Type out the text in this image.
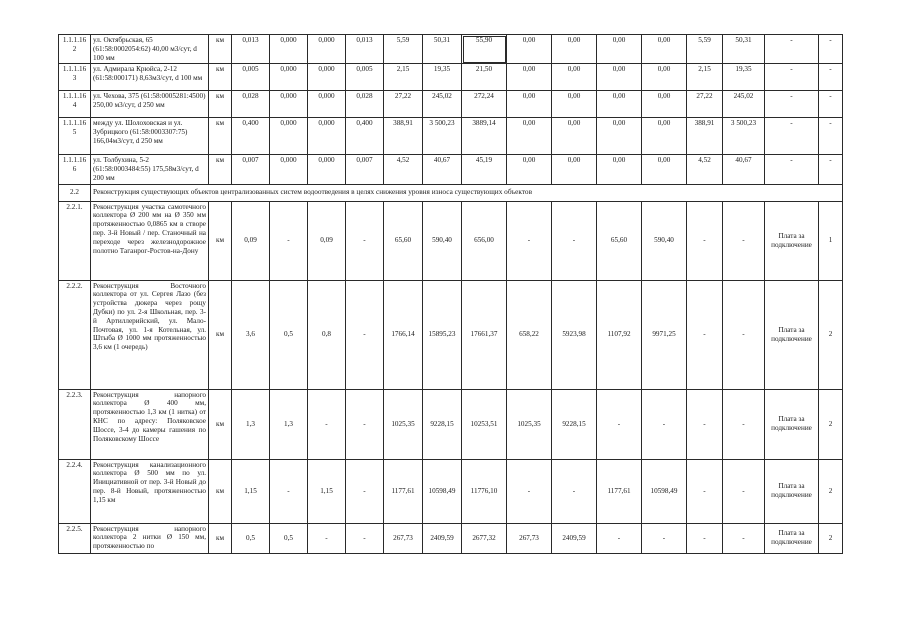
1.1.1.16 2	ул. Октябрьская, 65 (61:58:0002054:62) 40,00 м3/сут, d 100 мм	км	0,013	0,000	0,000	0,013	5,59	50,31	55,90	0,00	0,00	0,00	0,00	5,59	50,31	-	-
1.1.1.16 3	ул. Адмирала Крюйса, 2-12 (61:58:000171) 8,63м3/сут, d 100 мм	км	0,005	0,000	0,000	0,005	2,15	19,35	21,50	0,00	0,00	0,00	0,00	2,15	19,35	-	-
1.1.1.16 4	ул. Чехова, 375 (61:58:0005281:4500) 250,00 м3/сут, d 250 мм	км	0,028	0,000	0,000	0,028	27,22	245,02	272,24	0,00	0,00	0,00	0,00	27,22	245,02	-	-
1.1.1.16 5	между ул. Шолоховская и ул. Зубрицкого (61:58:0003307:75) 166,04м3/сут, d 250 мм	км	0,400	0,000	0,000	0,400	388,91	3 500,23	3889,14	0,00	0,00	0,00	0,00	388,91	3 500,23	-	-
1.1.1.16 6	ул. Толбухина, 5-2 (61:58:0003484:55) 175,58м3/сут, d 200 мм	км	0,007	0,000	0,000	0,007	4,52	40,67	45,19	0,00	0,00	0,00	0,00	4,52	40,67	-	-
2.2	Реконструкция существующих объектов централизованных систем водоотведения в целях снижения уровня износа существующих объектов																
2.2.1.	Реконструкция участка самотечного коллектора Ø 200 мм на Ø 350 мм протяженностью 0,0865 км в створе пер. 3-й Новый / пер. Станочный на переходе через железнодорожное полотно Таганрог-Ростов-на-Дону	км	0,09	-	0,09	-	65,60	590,40	656,00	-	-	65,60	590,40	-	-	Плата за подключение	1
2.2.2.	Реконструкция Восточного коллектора от ул. Сергея Лазо (без устройства дюкера через рощу Дубки) по ул. 2-я Школьная, пер. 3-й Артиллерийский, ул. Мало-Почтовая, ул. 1-я Котельная, ул. Штыба Ø 1000 мм протяженностью 3,6 км (1 очередь)	км	3,6	0,5	0,8	-	1766,14	15895,23	17661,37	658,22	5923,98	1107,92	9971,25	-	-	Плата за подключение	2
2.2.3.	Реконструкция напорного коллектора Ø 400 мм, протяженностью 1,3 км (1 нитка) от КНС по адресу: Поляковское Шоссе, 3-4 до камеры гашения по Поляковскому Шоссе	км	1,3	1,3	-	-	1025,35	9228,15	10253,51	1025,35	9228,15	-	-	-	-	Плата за подключение	2
2.2.4.	Реконструкция канализационного коллектора Ø 500 мм по ул. Инициативной от пер. 3-й Новый до пер. 8-й Новый, протяженностью 1,15 км	км	1,15	-	1,15	-	1177,61	10598,49	11776,10	-	-	1177,61	10598,49	-	-	Плата за подключение	2
2.2.5.	Реконструкция напорного коллектора 2 нитки Ø 150 мм, протяженностью по	км	0,5	0,5	-	-	267,73	2409,59	2677,32	267,73	2409,59	-	-	-	-	Плата за подключение	2
